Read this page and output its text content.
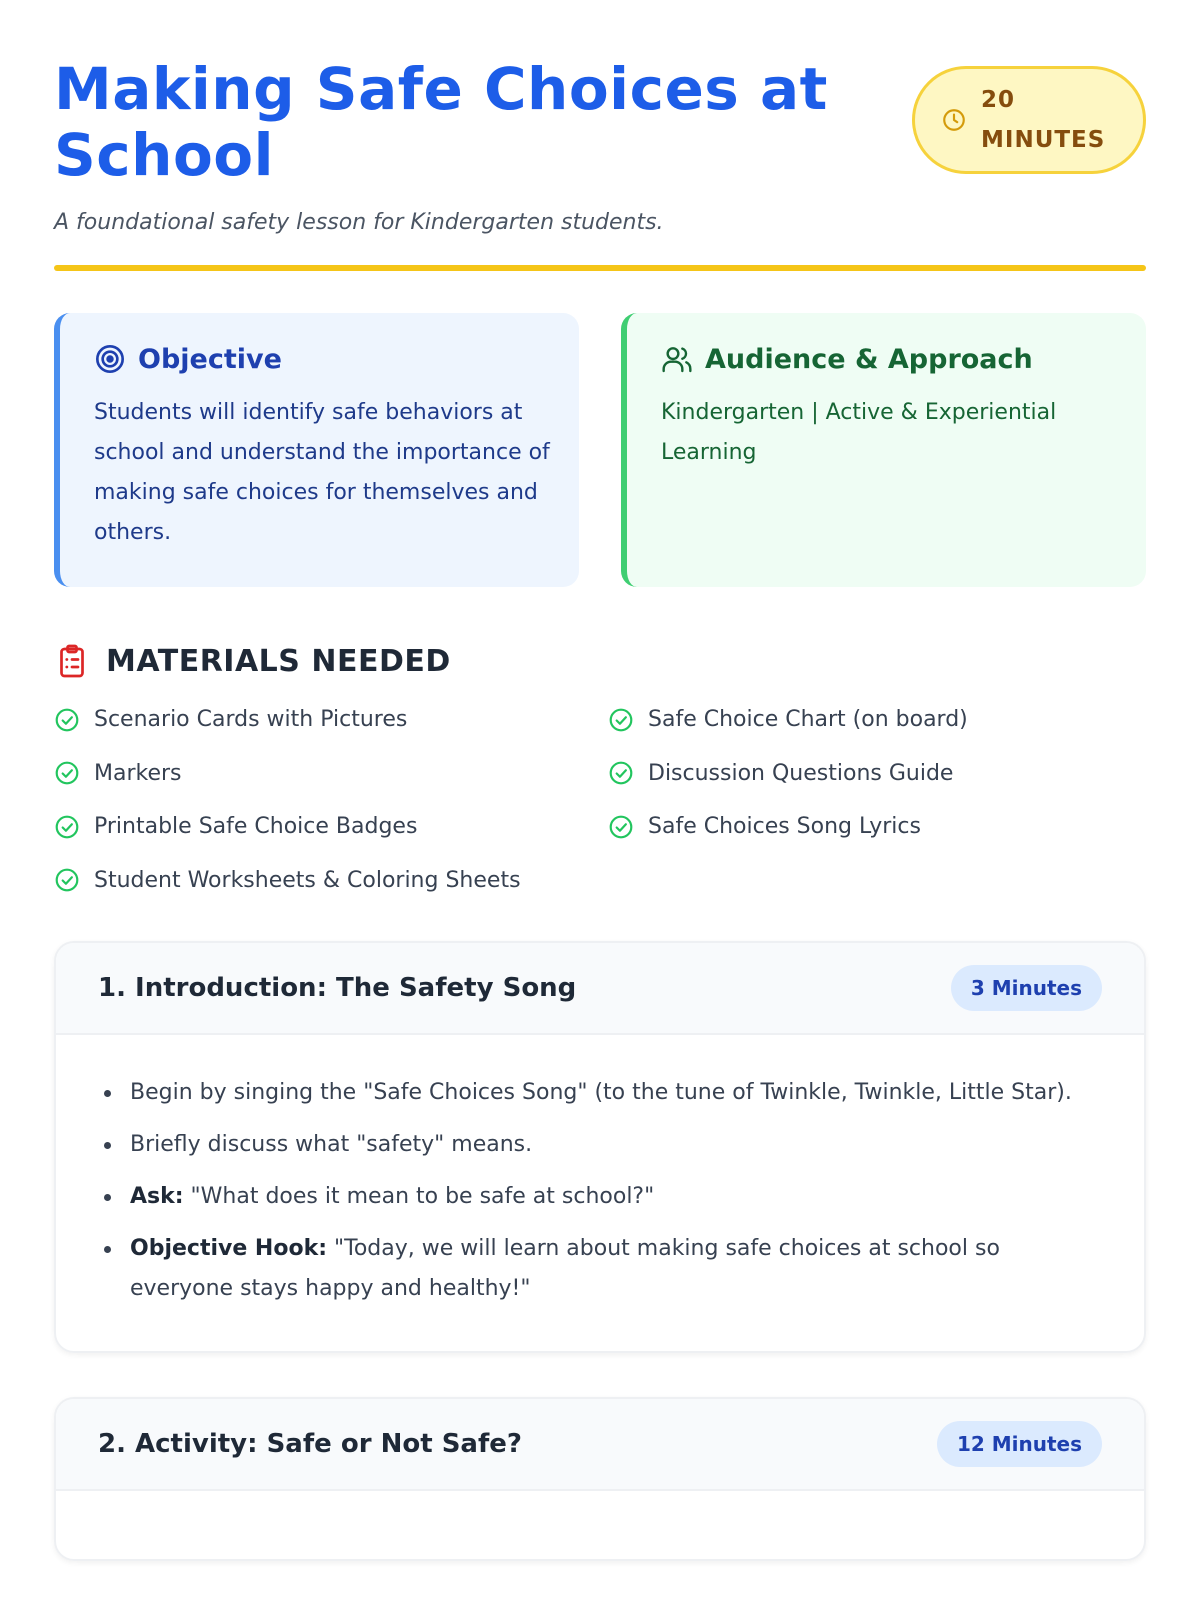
Making Safe Choices at School
20
MINUTES

A foundational safety lesson for Kindergarten students.

Objective

Students will identify safe behaviors at school and understand the importance of making safe choices for themselves and others.

Audience & Approach

Kindergarten | Active & Experiential Learning

MATERIALS NEEDED
Scenario Cards with Pictures
Markers
Printable Safe Choice Badges
Student Worksheets & Coloring Sheets
Safe Choice Chart (on board)
Discussion Questions Guide
Safe Choices Song Lyrics
1. Introduction: The Safety Song	3 Minutes
Begin by singing the "Safe Choices Song" (to the tune of Twinkle, Twinkle, Little Star).
Briefly discuss what "safety" means.
Ask: "What does it mean to be safe at school?"
Objective Hook: "Today, we will learn about making safe choices at school so everyone stays happy and healthy!"
2. Activity: Safe or Not Safe?	12 Minutes
